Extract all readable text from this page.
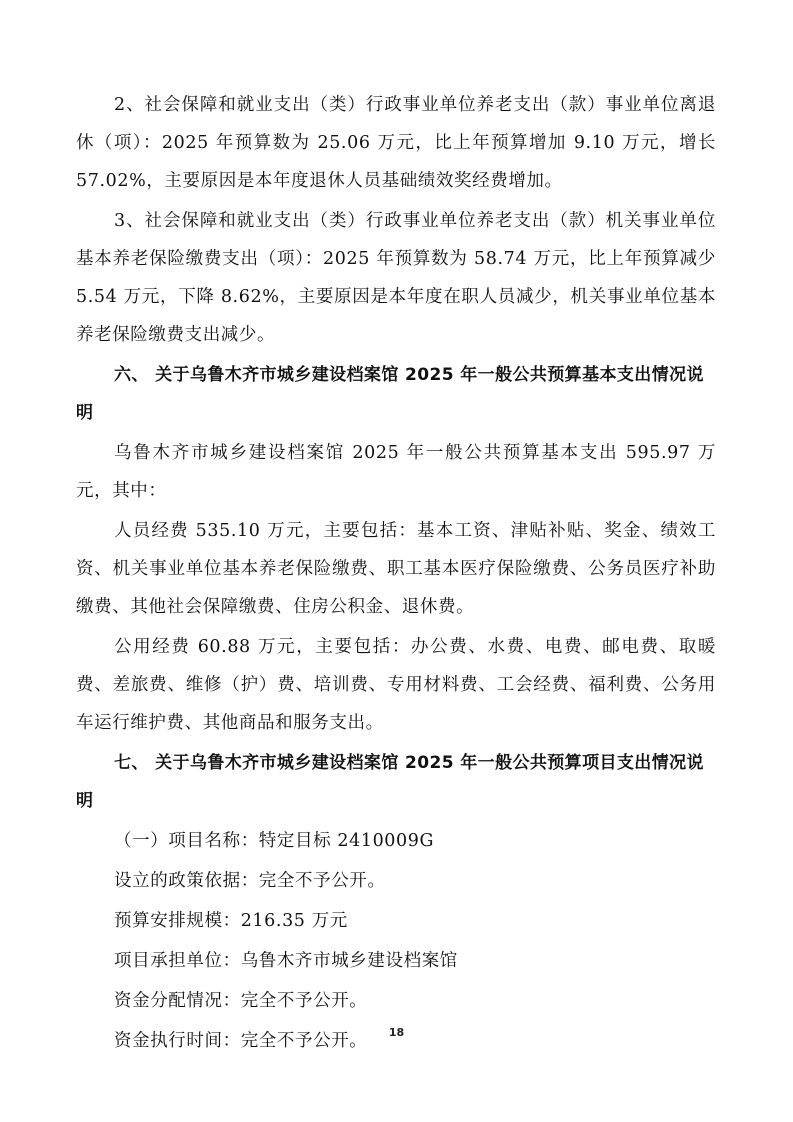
2、社会保障和就业支出（类）行政事业单位养老支出（款）事业单位离退休（项）：2025 年预算数为 25.06 万元，比上年预算增加 9.10 万元，增长 57.02%，主要原因是本年度退休人员基础绩效奖经费增加。

3、社会保障和就业支出（类）行政事业单位养老支出（款）机关事业单位基本养老保险缴费支出（项）：2025 年预算数为 58.74 万元，比上年预算减少 5.54 万元，下降 8.62%，主要原因是本年度在职人员减少，机关事业单位基本养老保险缴费支出减少。

六、 关于乌鲁木齐市城乡建设档案馆 2025 年一般公共预算基本支出情况说明

乌鲁木齐市城乡建设档案馆 2025 年一般公共预算基本支出 595.97 万元，其中：

人员经费 535.10 万元，主要包括：基本工资、津贴补贴、奖金、绩效工资、机关事业单位基本养老保险缴费、职工基本医疗保险缴费、公务员医疗补助缴费、其他社会保障缴费、住房公积金、退休费。

公用经费 60.88 万元，主要包括：办公费、水费、电费、邮电费、取暖费、差旅费、维修（护）费、培训费、专用材料费、工会经费、福利费、公务用车运行维护费、其他商品和服务支出。

七、 关于乌鲁木齐市城乡建设档案馆 2025 年一般公共预算项目支出情况说明

（一）项目名称：特定目标 2410009G

设立的政策依据：完全不予公开。

预算安排规模：216.35 万元

项目承担单位：乌鲁木齐市城乡建设档案馆

资金分配情况：完全不予公开。

资金执行时间：完全不予公开。	18
